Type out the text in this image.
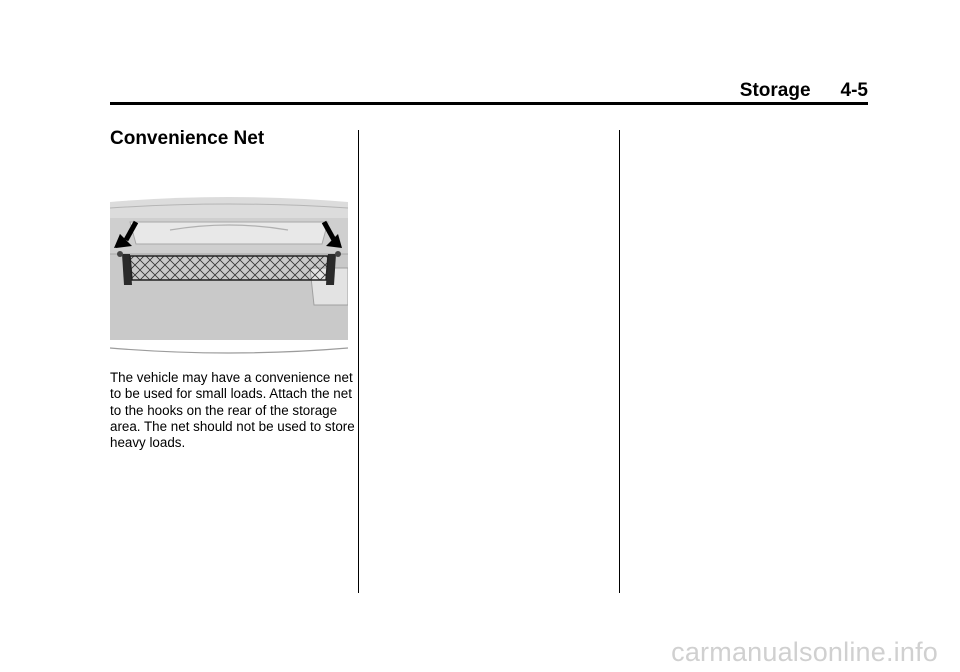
Storage 4-5
Convenience Net

The vehicle may have a convenience net to be used for small loads. Attach the net to the hooks on the rear of the storage area. The net should not be used to store heavy loads.

carmanualsonline.info
